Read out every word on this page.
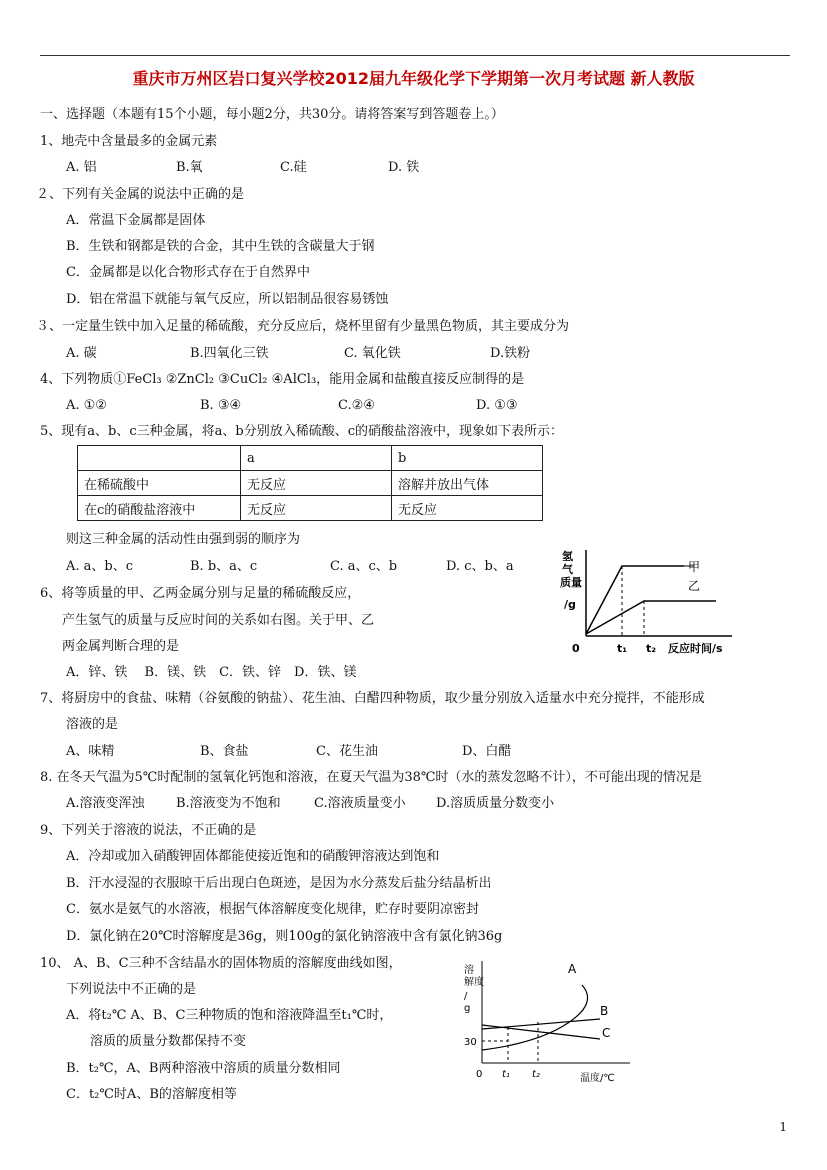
重庆市万州区岩口复兴学校2012届九年级化学下学期第一次月考试题 新人教版
一、选择题（本题有15个小题，每小题2分，共30分。请将答案写到答题卷上。）
1、地壳中含量最多的金属元素
A. 铝	B.氧	C.硅	D. 铁
２、下列有关金属的说法中正确的是
A．常温下金属都是固体
B．生铁和钢都是铁的合金，其中生铁的含碳量大于钢
C．金属都是以化合物形式存在于自然界中
D．铝在常温下就能与氧气反应，所以铝制品很容易锈蚀
３、一定量生铁中加入足量的稀硫酸，充分反应后，烧杯里留有少量黑色物质，其主要成分为
A. 碳	B.四氧化三铁	C. 氧化铁	D.铁粉
4、下列物质①FeCl₃ ②ZnCl₂ ③CuCl₂ ④AlCl₃，能用金属和盐酸直接反应制得的是
A. ①②	B. ③④	C.②④	D. ①③
5、现有a、b、c三种金属，将a、b分别放入稀硫酸、c的硝酸盐溶液中，现象如下表所示：
	a	b
在稀硫酸中	无反应	溶解并放出气体
在c的硝酸盐溶液中	无反应	无反应
则这三种金属的活动性由强到弱的顺序为
A. a、b、c	B. b、a、c	C. a、c、b	D. c、b、a
6、将等质量的甲、乙两金属分别与足量的稀硫酸反应，
产生氢气的质量与反应时间的关系如右图。关于甲、乙
两金属判断合理的是
A．锌、铁　 B．镁、铁　C．铁、锌　D．铁、镁
氢
气
质量
/g
甲
乙
0	t₁ t₂ 反应时间/s
7、将厨房中的食盐、味精（谷氨酸的钠盐）、花生油、白醋四种物质，取少量分别放入适量水中充分搅拌，不能形成
溶液的是
A、味精	B、食盐	C、花生油	D、白醋
8. 在冬天气温为5℃时配制的氢氧化钙饱和溶液，在夏天气温为38℃时（水的蒸发忽略不计），不可能出现的情况是
A.溶液变浑浊 B.溶液变为不饱和	C.溶液质量变小 D.溶质质量分数变小
9、下列关于溶液的说法，不正确的是
A．冷却或加入硝酸钾固体都能使接近饱和的硝酸钾溶液达到饱和
B．汗水浸湿的衣服晾干后出现白色斑迹，是因为水分蒸发后盐分结晶析出
C．氨水是氨气的水溶液，根据气体溶解度变化规律，贮存时要阴凉密封
D．氯化钠在20℃时溶解度是36g，则100g的氯化钠溶液中含有氯化钠36g
10、 A、B、C三种不含结晶水的固体物质的溶解度曲线如图，
下列说法中不正确的是
A．将t₂℃ A、B、C三种物质的饱和溶液降温至t₁℃时，
溶质的质量分数都保持不变
B．t₂℃，A、B两种溶液中溶质的质量分数相同
C．t₂℃时A、B的溶解度相等
溶
解度
/
g
A
B
C
30
0 t₁ t₂	温度/℃
1
